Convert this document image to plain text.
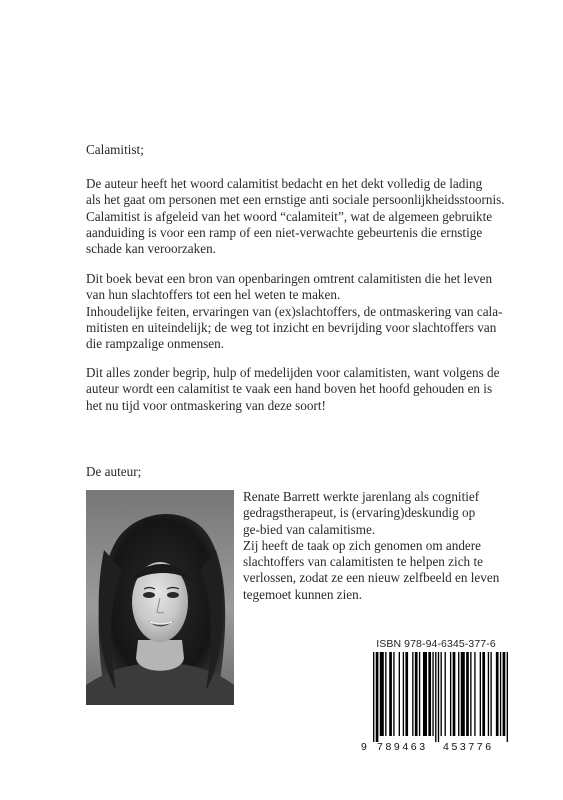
Calamitist;

De auteur heeft het woord calamitist bedacht en het dekt volledig de lading
als het gaat om personen met een ernstige anti sociale persoonlijkheidsstoornis.
Calamitist is afgeleid van het woord “calamiteit”, wat de algemeen gebruikte
aanduiding is voor een ramp of een niet-verwachte gebeurtenis die ernstige
schade kan veroorzaken.

Dit boek bevat een bron van openbaringen omtrent calamitisten die het leven
van hun slachtoffers tot een hel weten te maken.
Inhoudelijke feiten, ervaringen van (ex)slachtoffers, de ontmaskering van cala-
mitisten en uiteindelijk; de weg tot inzicht en bevrijding voor slachtoffers van
die rampzalige onmensen.

Dit alles zonder begrip, hulp of medelijden voor calamitisten, want volgens de
auteur wordt een calamitist te vaak een hand boven het hoofd gehouden en is
het nu tijd voor ontmaskering van deze soort!

De auteur;

Renate Barrett werkte jarenlang als cognitief
gedragstherapeut, is (ervaring)deskundig op
ge-bied van calamitisme.
Zij heeft de taak op zich genomen om andere
slachtoffers van calamitisten te helpen zich te
verlossen, zodat ze een nieuw zelfbeeld en leven
tegemoet kunnen zien.

ISBN 978-94-6345-377-6
9 789463 453776
